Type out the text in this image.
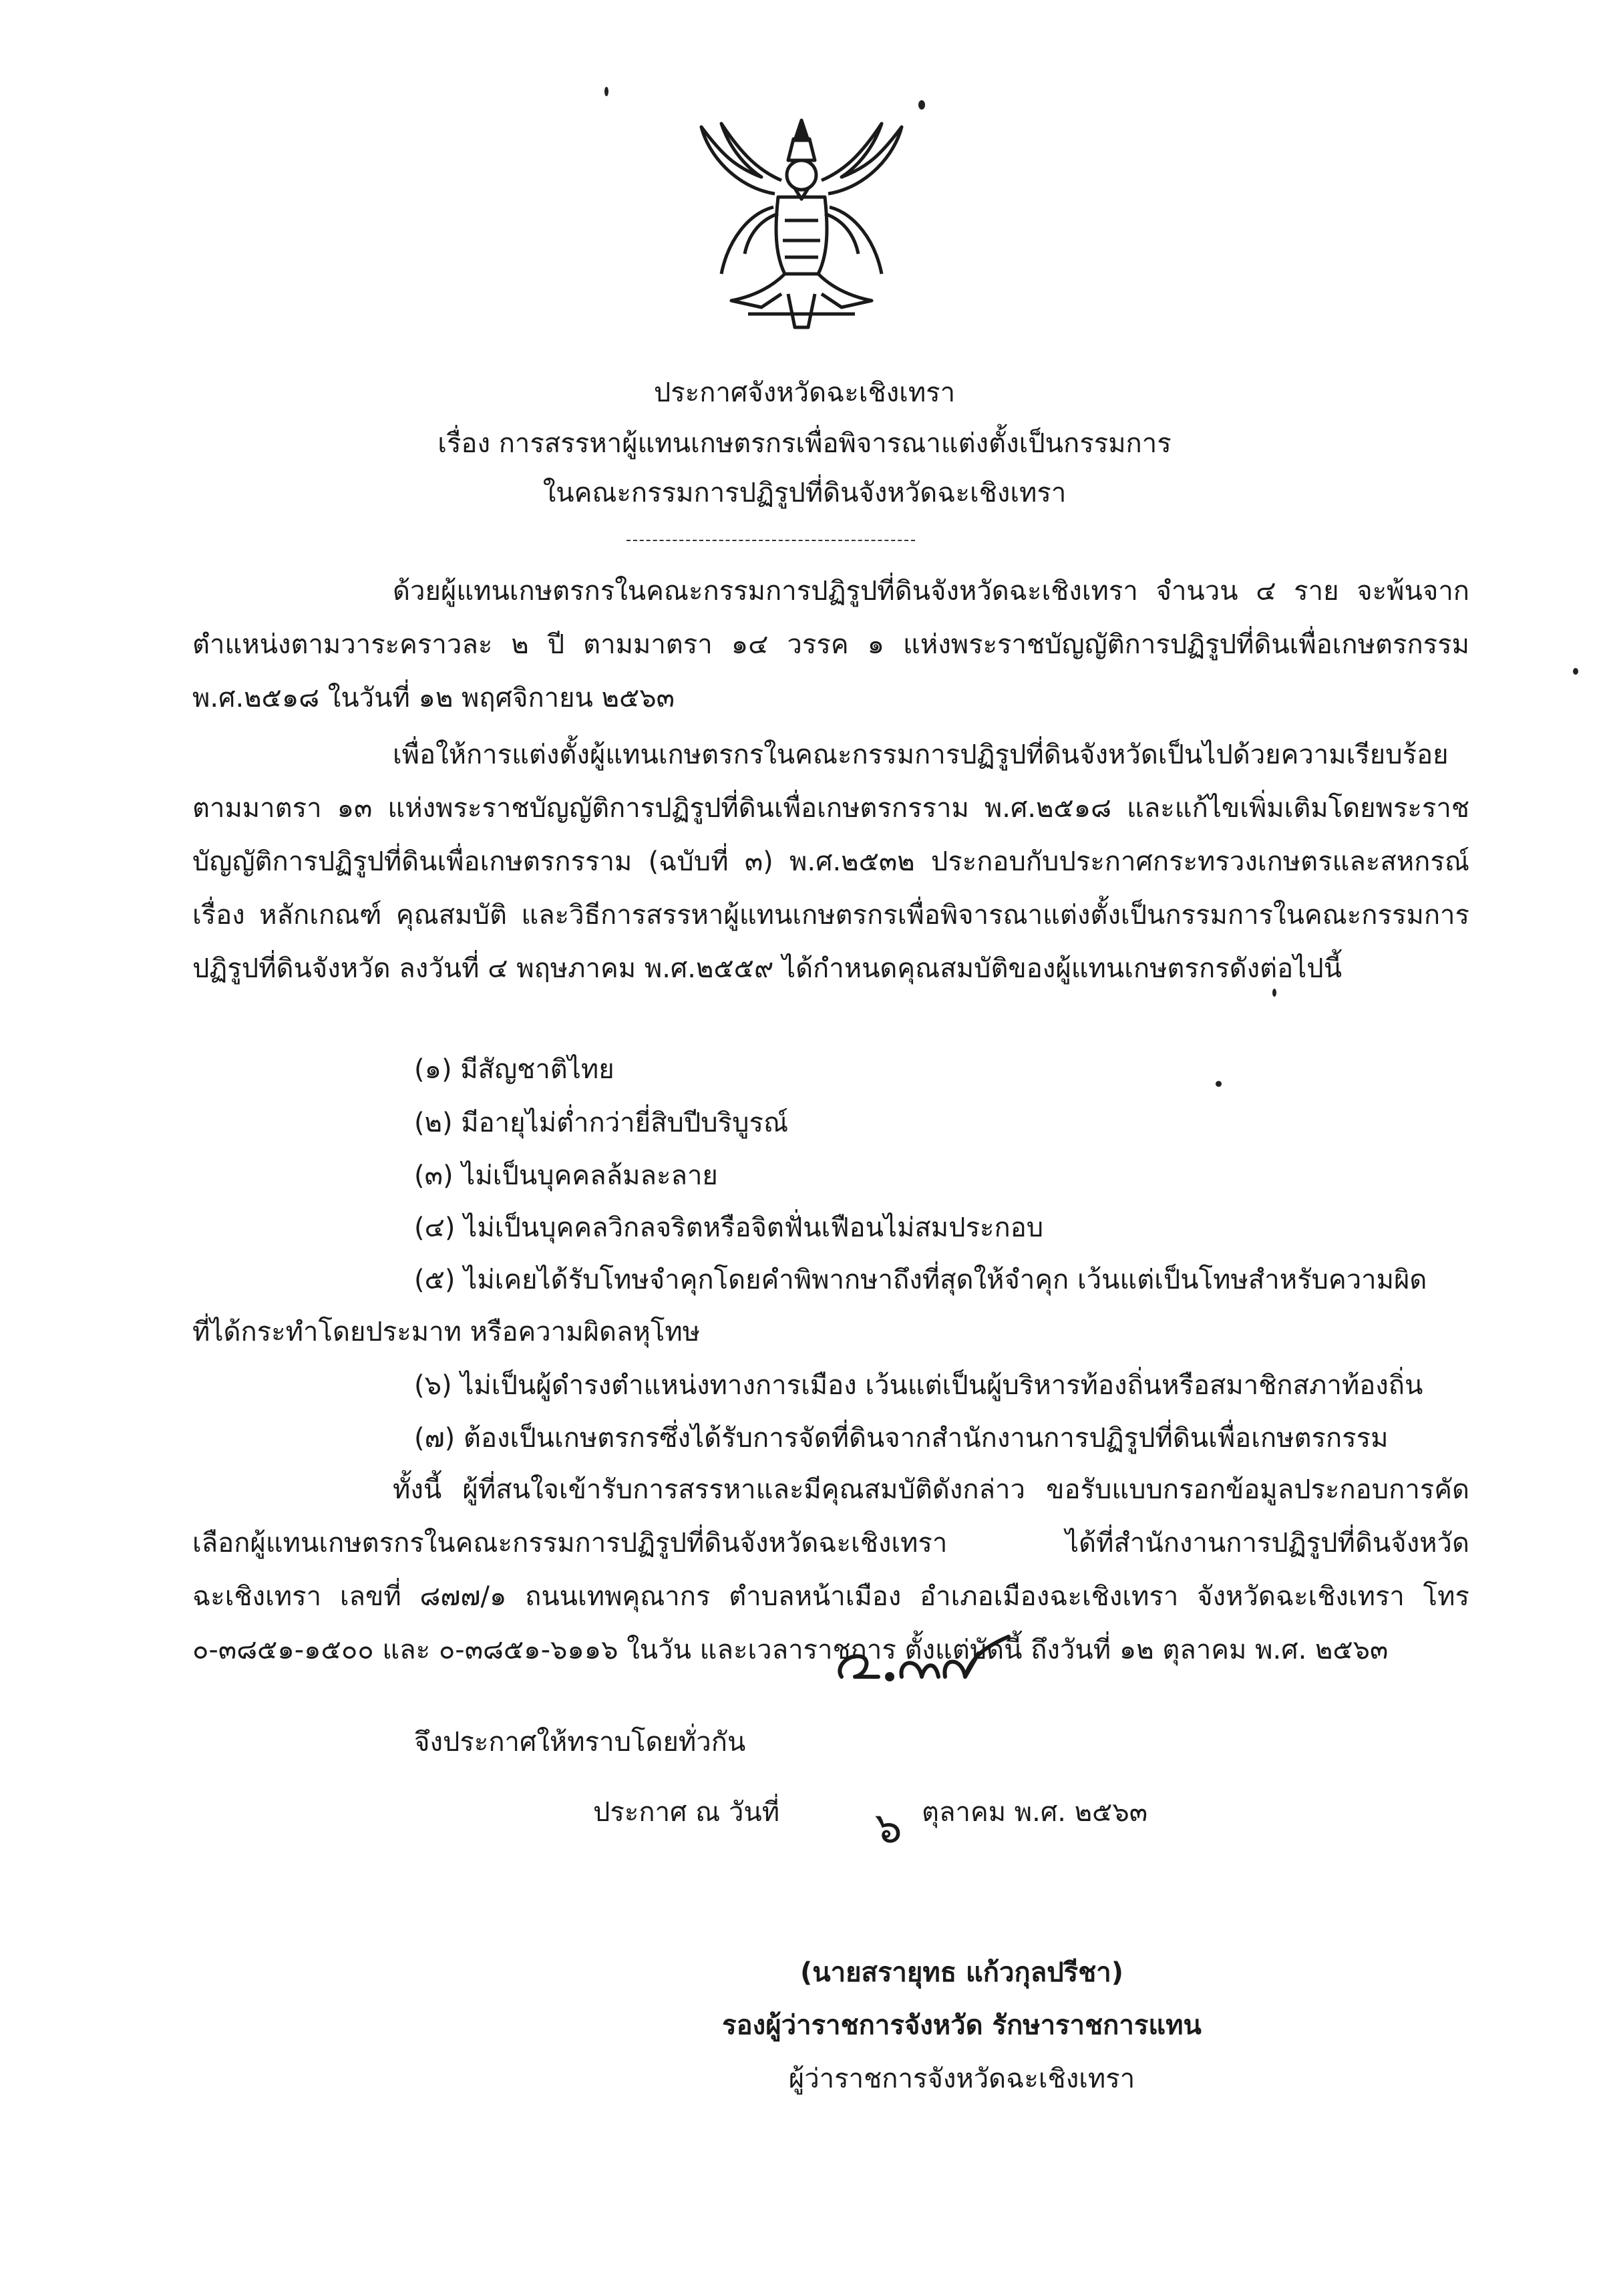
ประกาศจังหวัดฉะเชิงเทรา
เรื่อง การสรรหาผู้แทนเกษตรกรเพื่อพิจารณาแต่งตั้งเป็นกรรมการ
ในคณะกรรมการปฏิรูปที่ดินจังหวัดฉะเชิงเทรา

ด้วยผู้แทนเกษตรกรในคณะกรรมการปฏิรูปที่ดินจังหวัดฉะเชิงเทรา จำนวน ๔ ราย จะพ้นจากตำแหน่งตามวาระคราวละ ๒ ปี ตามมาตรา ๑๔ วรรค ๑ แห่งพระราชบัญญัติการปฏิรูปที่ดินเพื่อเกษตรกรรม พ.ศ.๒๕๑๘ ในวันที่ ๑๒ พฤศจิกายน ๒๕๖๓

เพื่อให้การแต่งตั้งผู้แทนเกษตรกรในคณะกรรมการปฏิรูปที่ดินจังหวัดเป็นไปด้วยความเรียบร้อย ตามมาตรา ๑๓ แห่งพระราชบัญญัติการปฏิรูปที่ดินเพื่อเกษตรกรราม พ.ศ.๒๕๑๘ และแก้ไขเพิ่มเติมโดยพระราชบัญญัติการปฏิรูปที่ดินเพื่อเกษตรกรราม (ฉบับที่ ๓) พ.ศ.๒๕๓๒ ประกอบกับประกาศกระทรวงเกษตรและสหกรณ์ เรื่อง หลักเกณฑ์ คุณสมบัติ และวิธีการสรรหาผู้แทนเกษตรกรเพื่อพิจารณาแต่งตั้งเป็นกรรมการในคณะกรรมการปฏิรูปที่ดินจังหวัด ลงวันที่ ๔ พฤษภาคม พ.ศ.๒๕๕๙ ได้กำหนดคุณสมบัติของผู้แทนเกษตรกรดังต่อไปนี้

(๑) มีสัญชาติไทย
(๒) มีอายุไม่ต่ำกว่ายี่สิบปีบริบูรณ์
(๓) ไม่เป็นบุคคลล้มละลาย
(๔) ไม่เป็นบุคคลวิกลจริตหรือจิตฟั่นเฟือนไม่สมประกอบ
(๕) ไม่เคยได้รับโทษจำคุกโดยคำพิพากษาถึงที่สุดให้จำคุก เว้นแต่เป็นโทษสำหรับความผิด
ที่ได้กระทำโดยประมาท หรือความผิดลหุโทษ
(๖) ไม่เป็นผู้ดำรงตำแหน่งทางการเมือง เว้นแต่เป็นผู้บริหารท้องถิ่นหรือสมาชิกสภาท้องถิ่น
(๗) ต้องเป็นเกษตรกรซึ่งได้รับการจัดที่ดินจากสำนักงานการปฏิรูปที่ดินเพื่อเกษตรกรรม

ทั้งนี้ ผู้ที่สนใจเข้ารับการสรรหาและมีคุณสมบัติดังกล่าว ขอรับแบบกรอกข้อมูลประกอบการคัดเลือกผู้แทนเกษตรกรในคณะกรรมการปฏิรูปที่ดินจังหวัดฉะเชิงเทรา ได้ที่สำนักงานการปฏิรูปที่ดินจังหวัดฉะเชิงเทรา เลขที่ ๘๗๗/๑ ถนนเทพคุณากร ตำบลหน้าเมือง อำเภอเมืองฉะเชิงเทรา จังหวัดฉะเชิงเทรา โทร ๐-๓๘๕๑-๑๕๐๐ และ ๐-๓๘๕๑-๖๑๑๖ ในวัน และเวลาราชการ ตั้งแต่บัดนี้ ถึงวันที่ ๑๒ ตุลาคม พ.ศ. ๒๕๖๓

จึงประกาศให้ทราบโดยทั่วกัน
ประกาศ ณ วันที่ ๖ ตุลาคม พ.ศ. ๒๕๖๓
(นายสรายุทธ แก้วกุลปรีชา)
รองผู้ว่าราชการจังหวัด รักษาราชการแทน
ผู้ว่าราชการจังหวัดฉะเชิงเทรา
